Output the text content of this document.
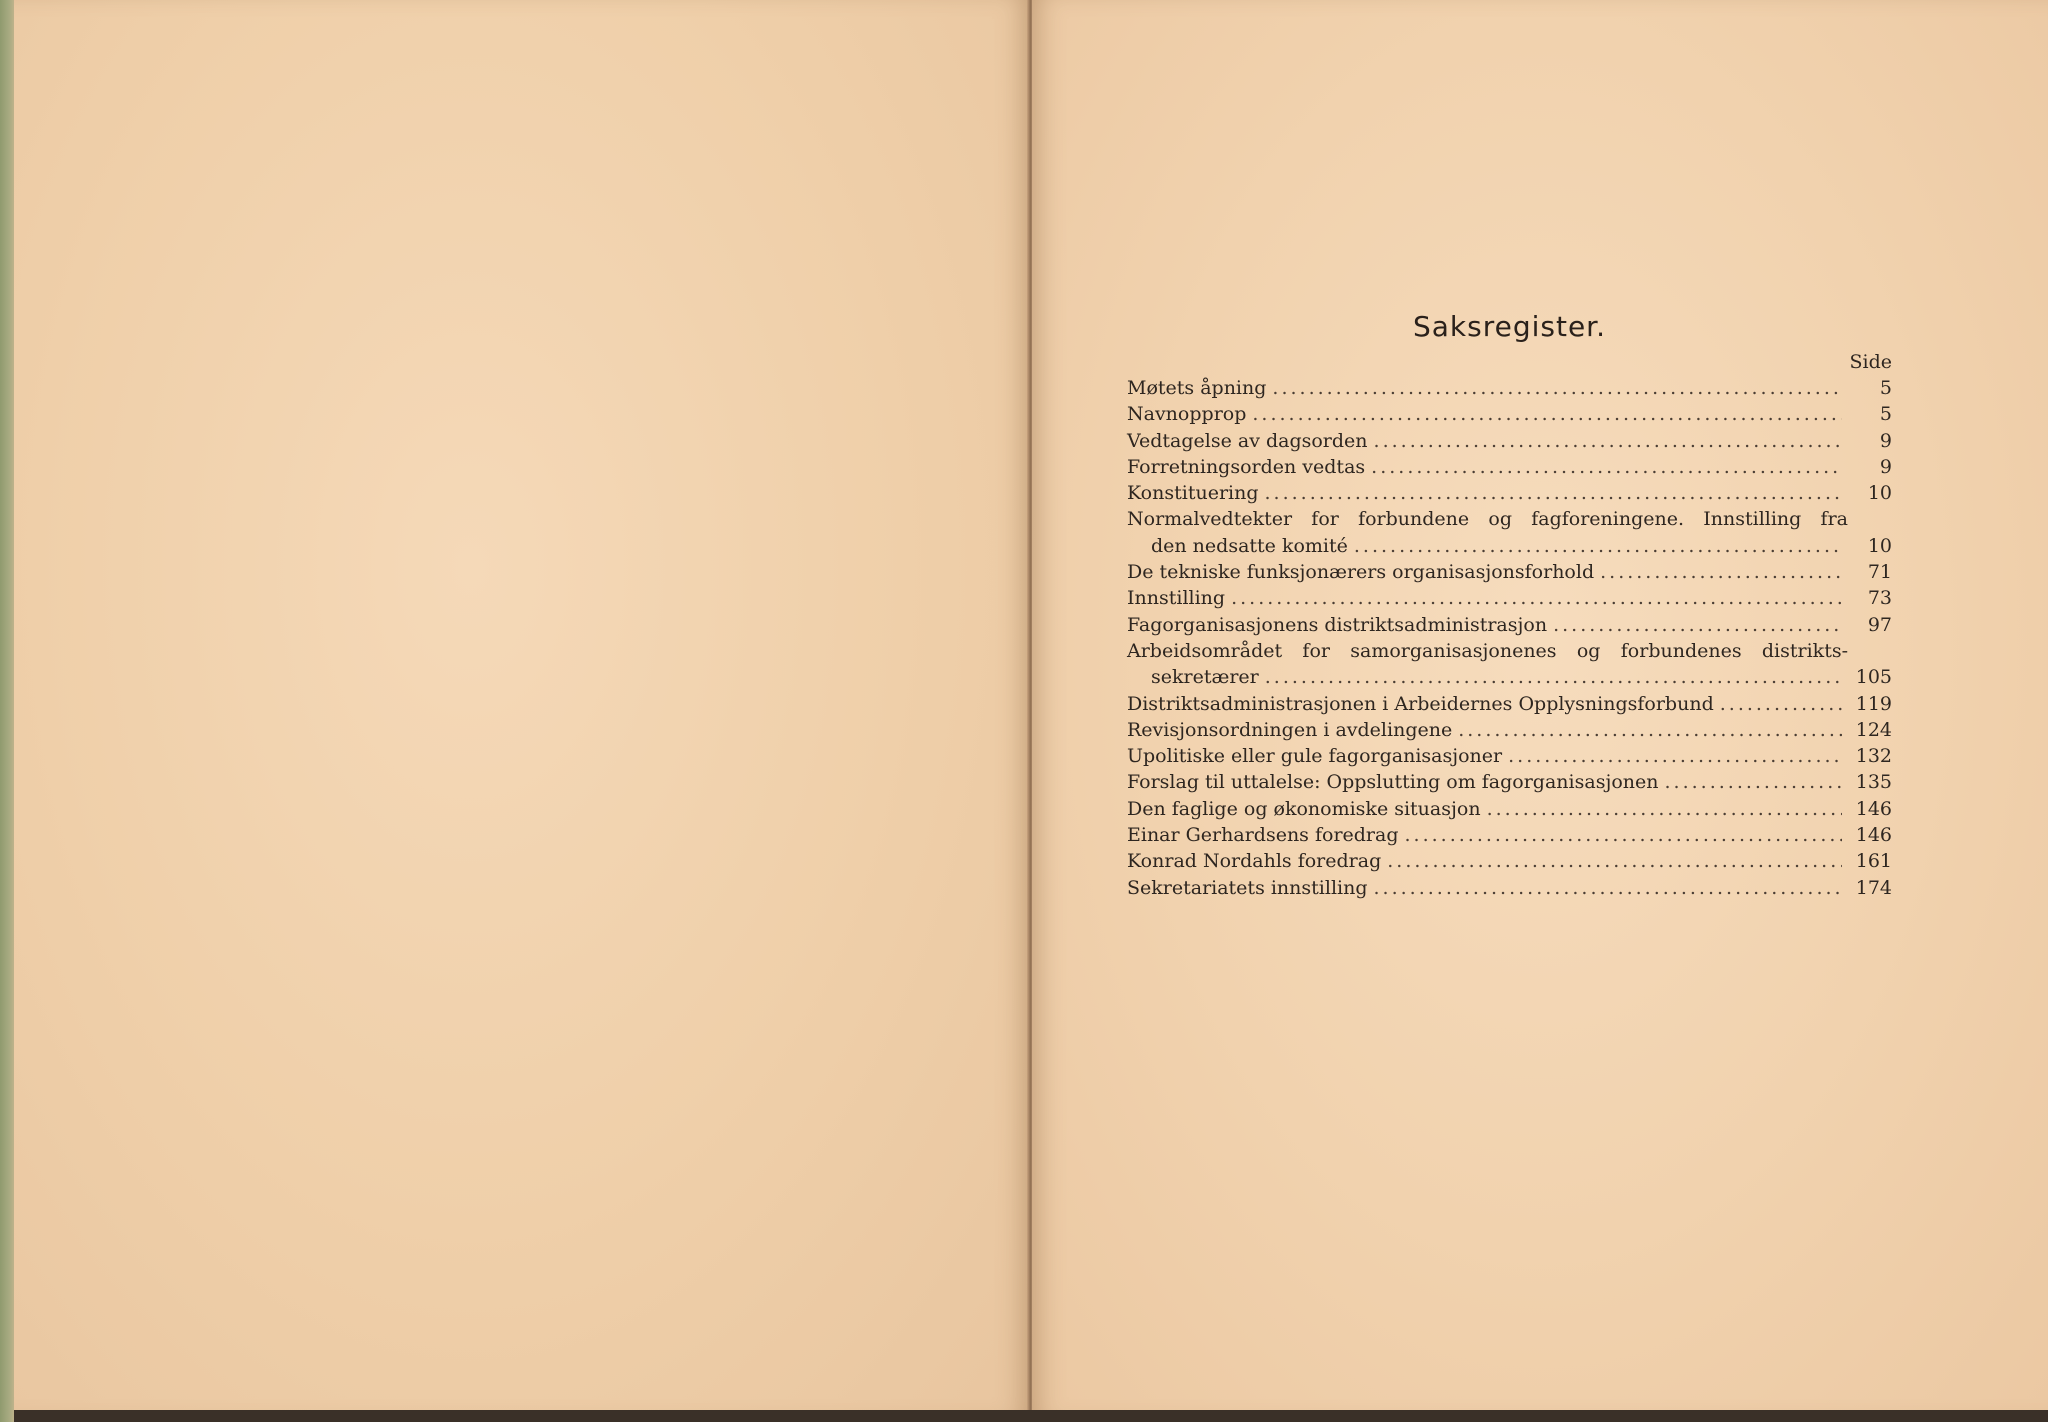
Saksregister.
Side
Møtets åpning .....	5
Navnopprop .....	5
Vedtagelse av dagsorden .....	9
Forretningsorden vedtas .....	9
Konstituering .....	10
Normalvedtekter for forbundene og fagforeningene. Innstilling fra
den nedsatte komité .....	10
De tekniske funksjonærers organisasjonsforhold .....	71
Innstilling .....	73
Fagorganisasjonens distriktsadministrasjon .....	97
Arbeidsområdet for samorganisasjonenes og forbundenes distrikts-
sekretærer .....	105
Distriktsadministrasjonen i Arbeidernes Opplysningsforbund .....	119
Revisjonsordningen i avdelingene .....	124
Upolitiske eller gule fagorganisasjoner .....	132
Forslag til uttalelse: Oppslutting om fagorganisasjonen .....	135
Den faglige og økonomiske situasjon .....	146
Einar Gerhardsens foredrag .....	146
Konrad Nordahls foredrag .....	161
Sekretariatets innstilling .....	174
